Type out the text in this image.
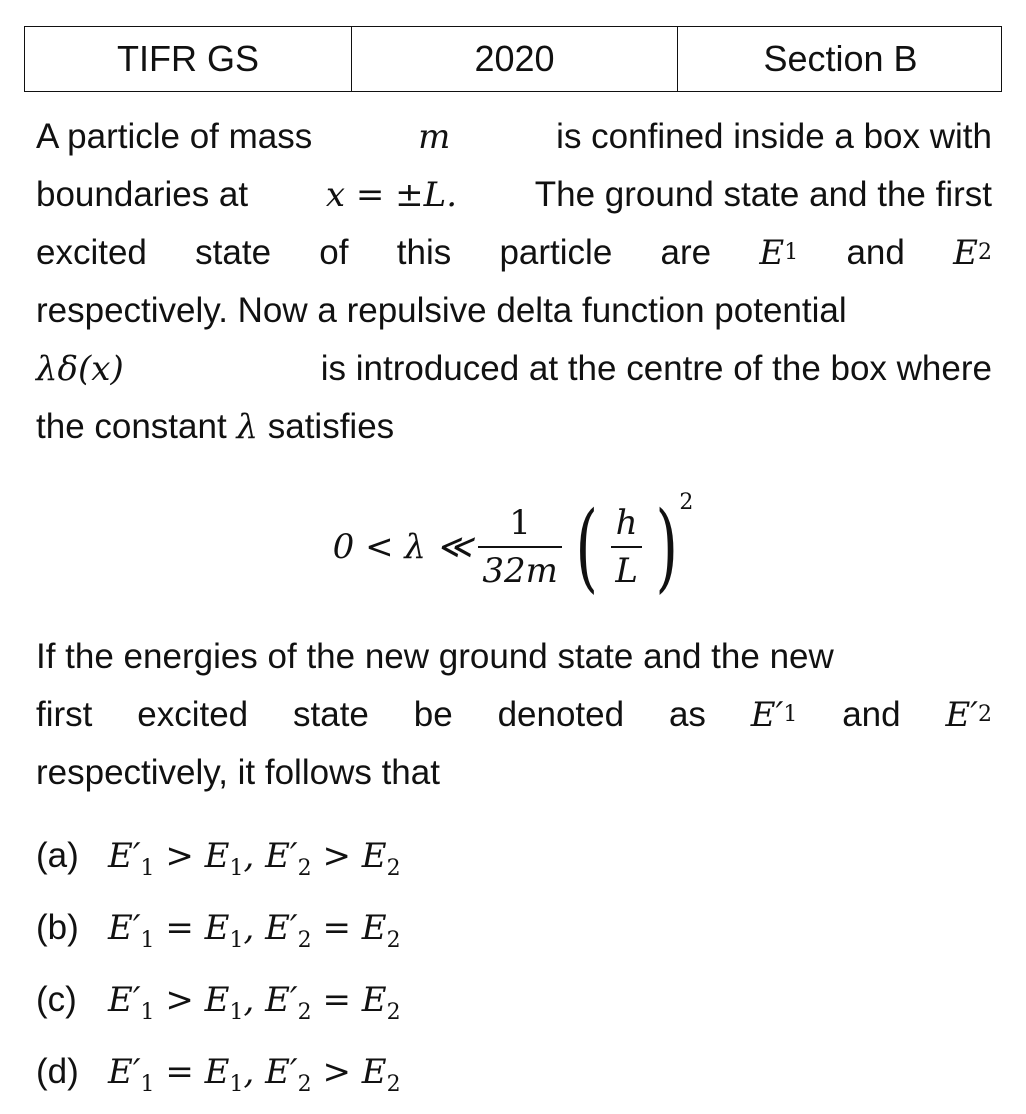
TIFR GS	2020	Section B
A particle of mass	m	is confined inside a box with
boundaries at x = ±L. The ground state and the first
excited state of this particle are E 1 and E 2
respectively. Now a repulsive delta function potential
λδ(x)	is introduced at the centre of the box where
the constant
λ
satisfies
0 < λ ≪ $\frac{1}{32m}$ ( $\frac{h}{L}$ ) 2
If the energies of the new ground state and the new
first excited state be denoted as E′ 1 and E′ 2
respectively, it follows that
(a) $E'_1 > E_1$, $E'_2 > E_2$
(b) $E'_1 = E_1$, $E'_2 = E_2$
(c) $E'_1 > E_1$, $E'_2 = E_2$
(d) $E'_1 = E_1$, $E'_2 > E_2$
